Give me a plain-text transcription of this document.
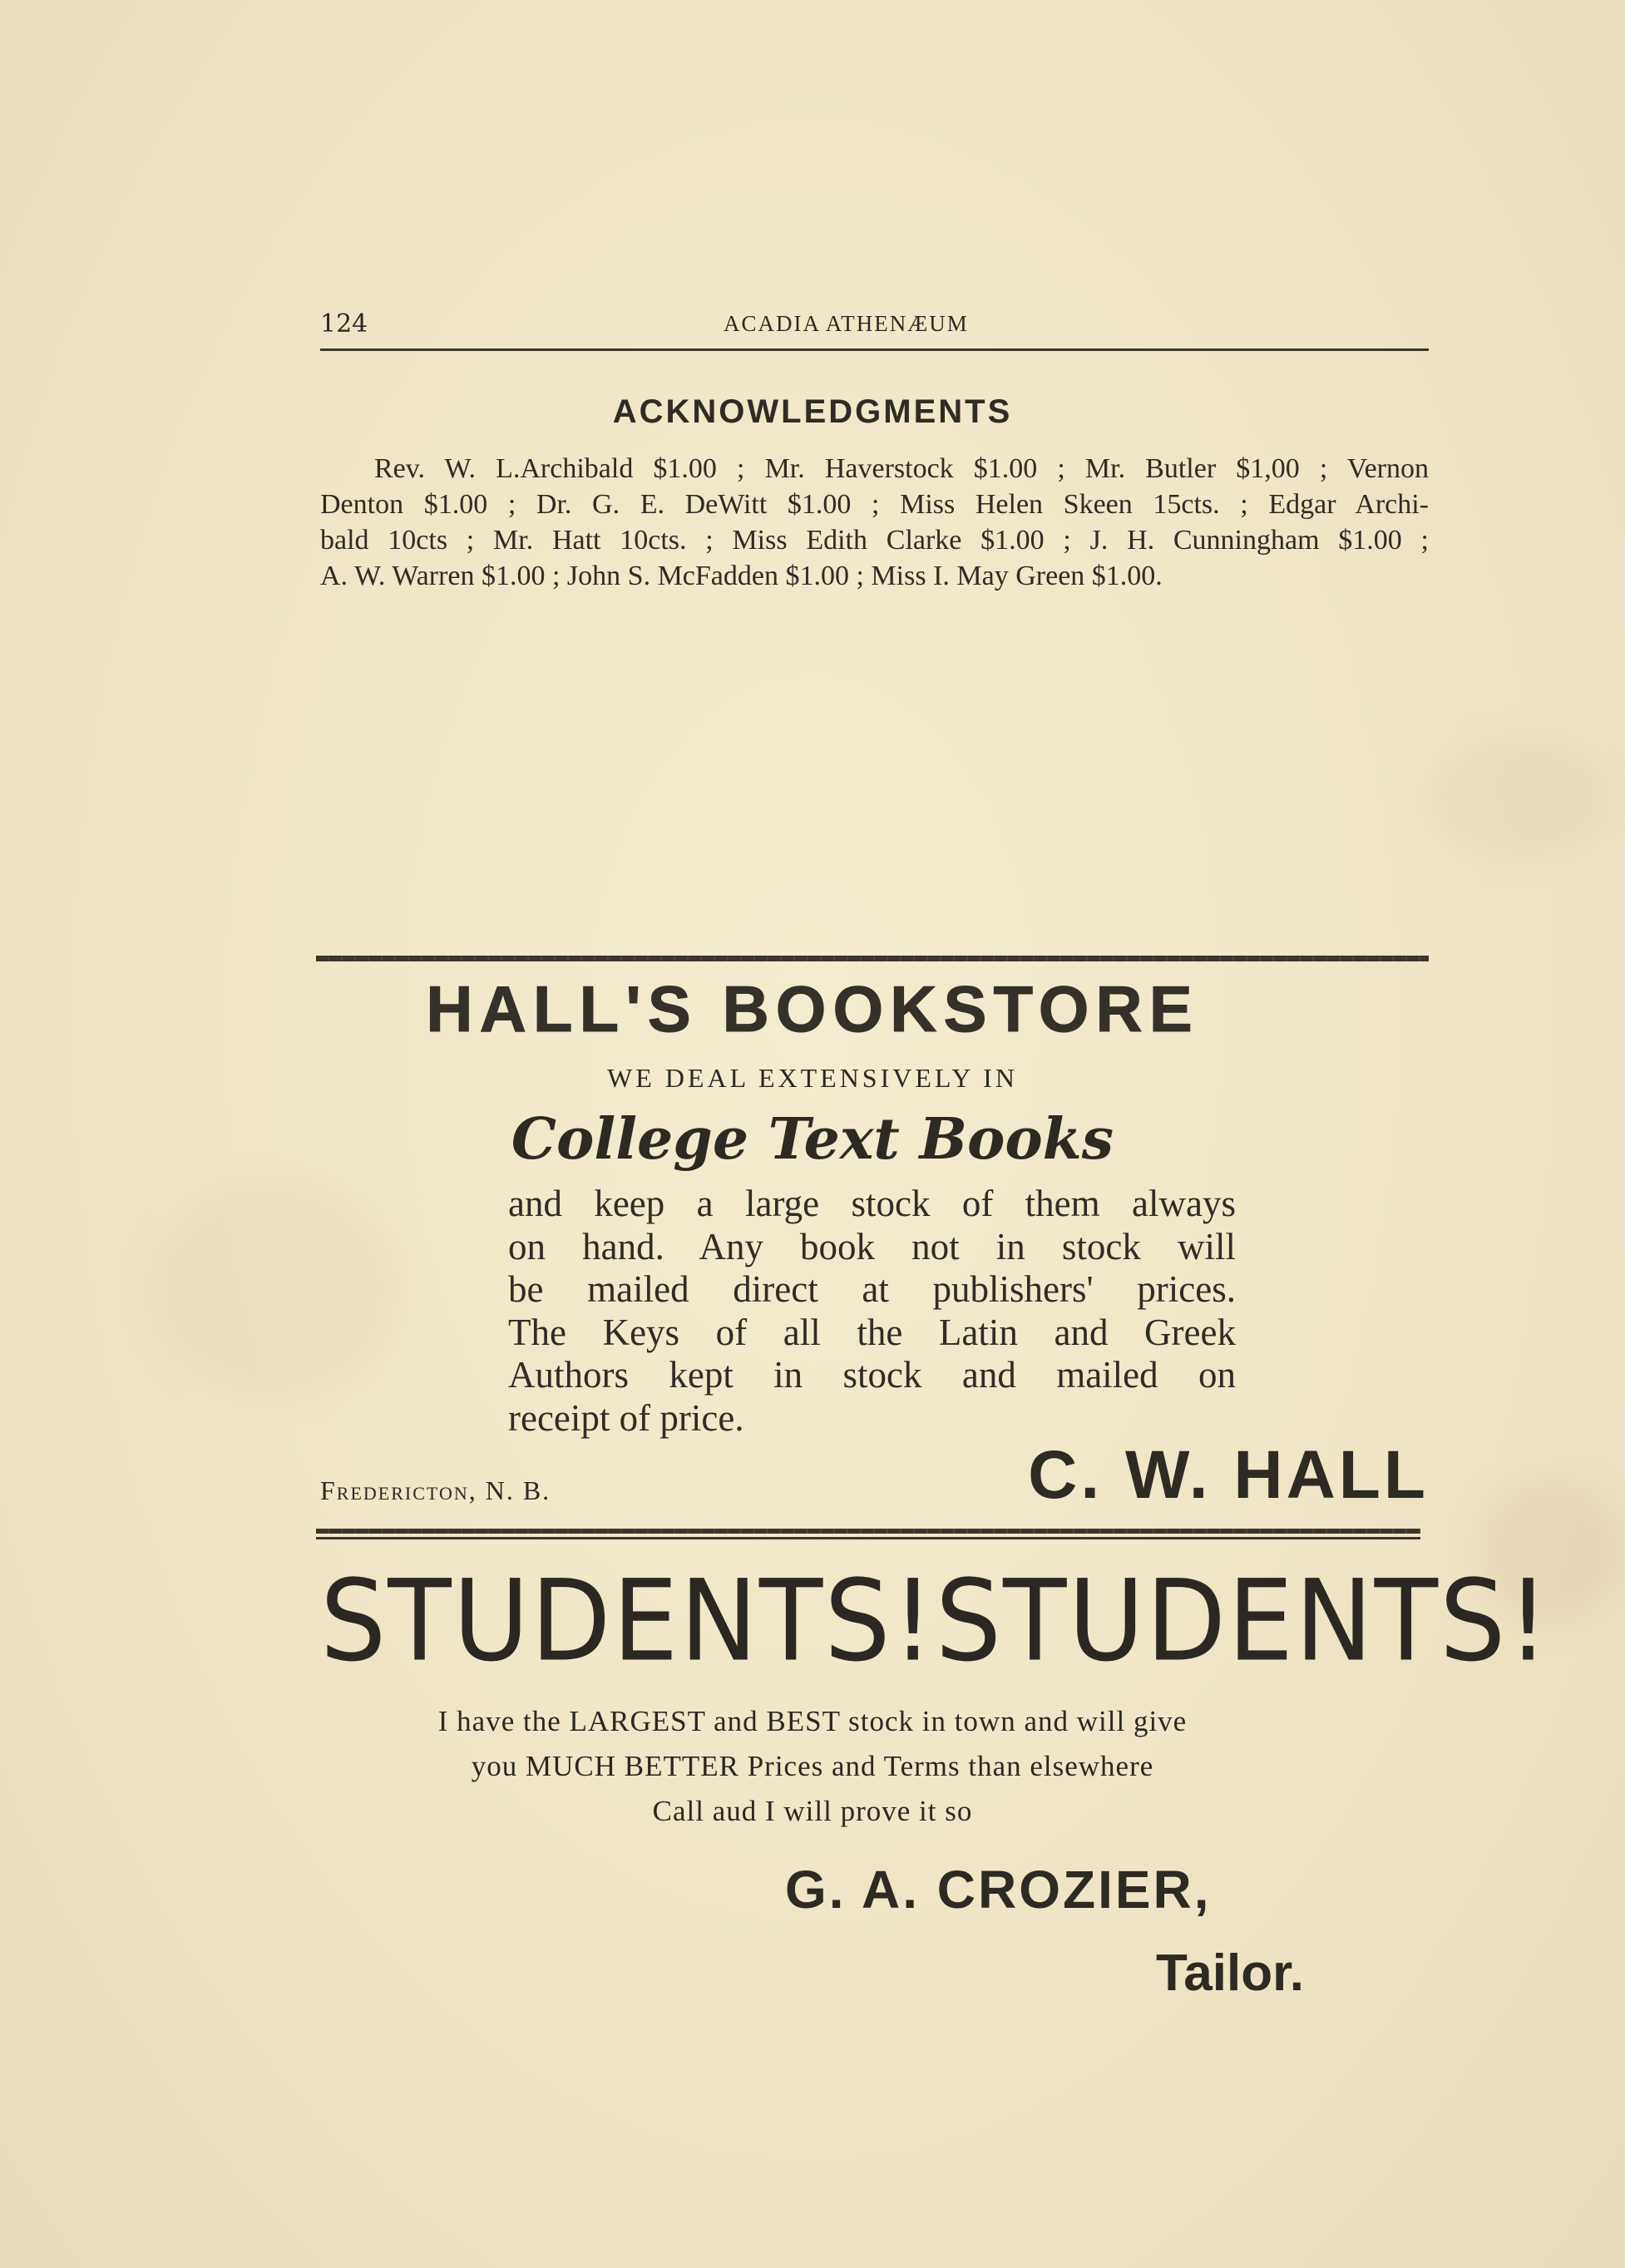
124	ACADIA ATHENÆUM
ACKNOWLEDGMENTS
Rev. W. L.Archibald $1.00 ; Mr. Haverstock $1.00 ; Mr. Butler $1,00 ; Vernon
Denton $1.00 ; Dr. G. E. DeWitt $1.00 ; Miss Helen Skeen 15cts. ; Edgar Archi-
bald 10cts ; Mr. Hatt 10cts. ; Miss Edith Clarke $1.00 ; J. H. Cunningham $1.00 ;
A. W. Warren $1.00 ; John S. McFadden $1.00 ; Miss I. May Green $1.00.
HALL'S BOOKSTORE
WE DEAL EXTENSIVELY IN
College Text Books
and keep a large stock of them always
on hand. Any book not in stock will
be mailed direct at publishers' prices.
The Keys of all the Latin and Greek
Authors kept in stock and mailed on
receipt of price.
Fredericton, N. B.	C. W. HALL
STUDENTS! STUDENTS!
I have the LARGEST and BEST stock in town and will give
you MUCH BETTER Prices and Terms than elsewhere
Call aud I will prove it so
G. A. CROZIER,
Tailor.
